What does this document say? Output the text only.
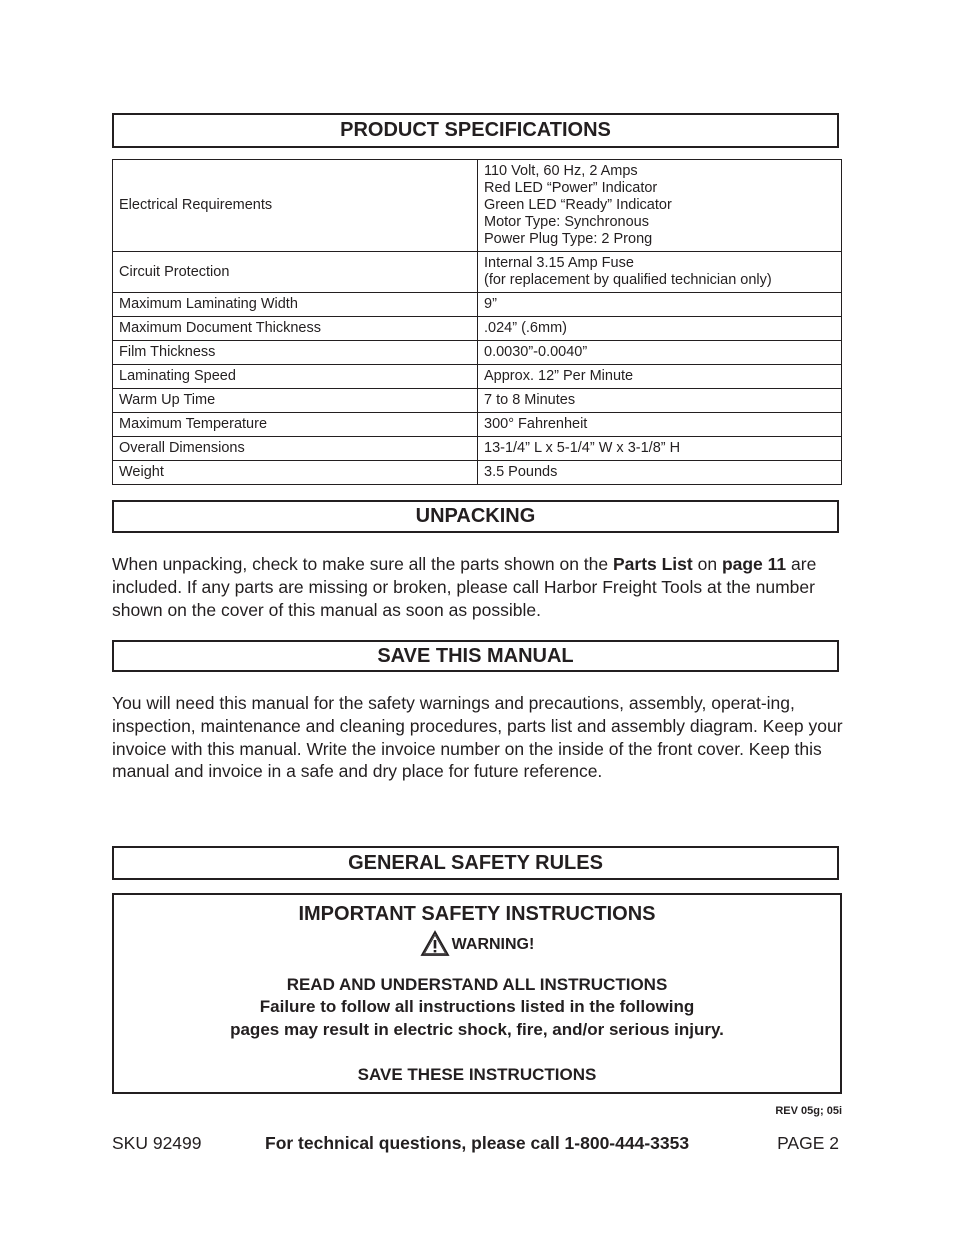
PRODUCT SPECIFICATIONS
Electrical Requirements	110 Volt, 60 Hz, 2 Amps
Red LED “Power” Indicator
Green LED “Ready” Indicator
Motor Type: Synchronous
Power Plug Type: 2 Prong

Circuit Protection	Internal 3.15 Amp Fuse
(for replacement by qualified technician only)

Maximum Laminating Width	9”

Maximum Document Thickness	.024” (.6mm)

Film Thickness	0.0030”-0.0040”

Laminating Speed	Approx. 12” Per Minute

Warm Up Time	7 to 8 Minutes

Maximum Temperature	300° Fahrenheit

Overall Dimensions	13-1/4” L x 5-1/4” W x 3-1/8” H

Weight	3.5 Pounds
UNPACKING

When unpacking, check to make sure all the parts shown on the Parts List on page 11 are included. If any parts are missing or broken, please call Harbor Freight Tools at the number shown on the cover of this manual as soon as possible.

SAVE THIS MANUAL

You will need this manual for the safety warnings and precautions, assembly, operat-ing, inspection, maintenance and cleaning procedures, parts list and assembly diagram. Keep your invoice with this manual. Write the invoice number on the inside of the front cover. Keep this manual and invoice in a safe and dry place for future reference.

GENERAL SAFETY RULES
IMPORTANT SAFETY INSTRUCTIONS
WARNING!
READ AND UNDERSTAND ALL INSTRUCTIONS
Failure to follow all instructions listed in the following
pages may result in electric shock, fire, and/or serious injury.
SAVE THESE INSTRUCTIONS
REV 05g; 05i
SKU 92499	For technical questions, please call 1-800-444-3353	PAGE 2
